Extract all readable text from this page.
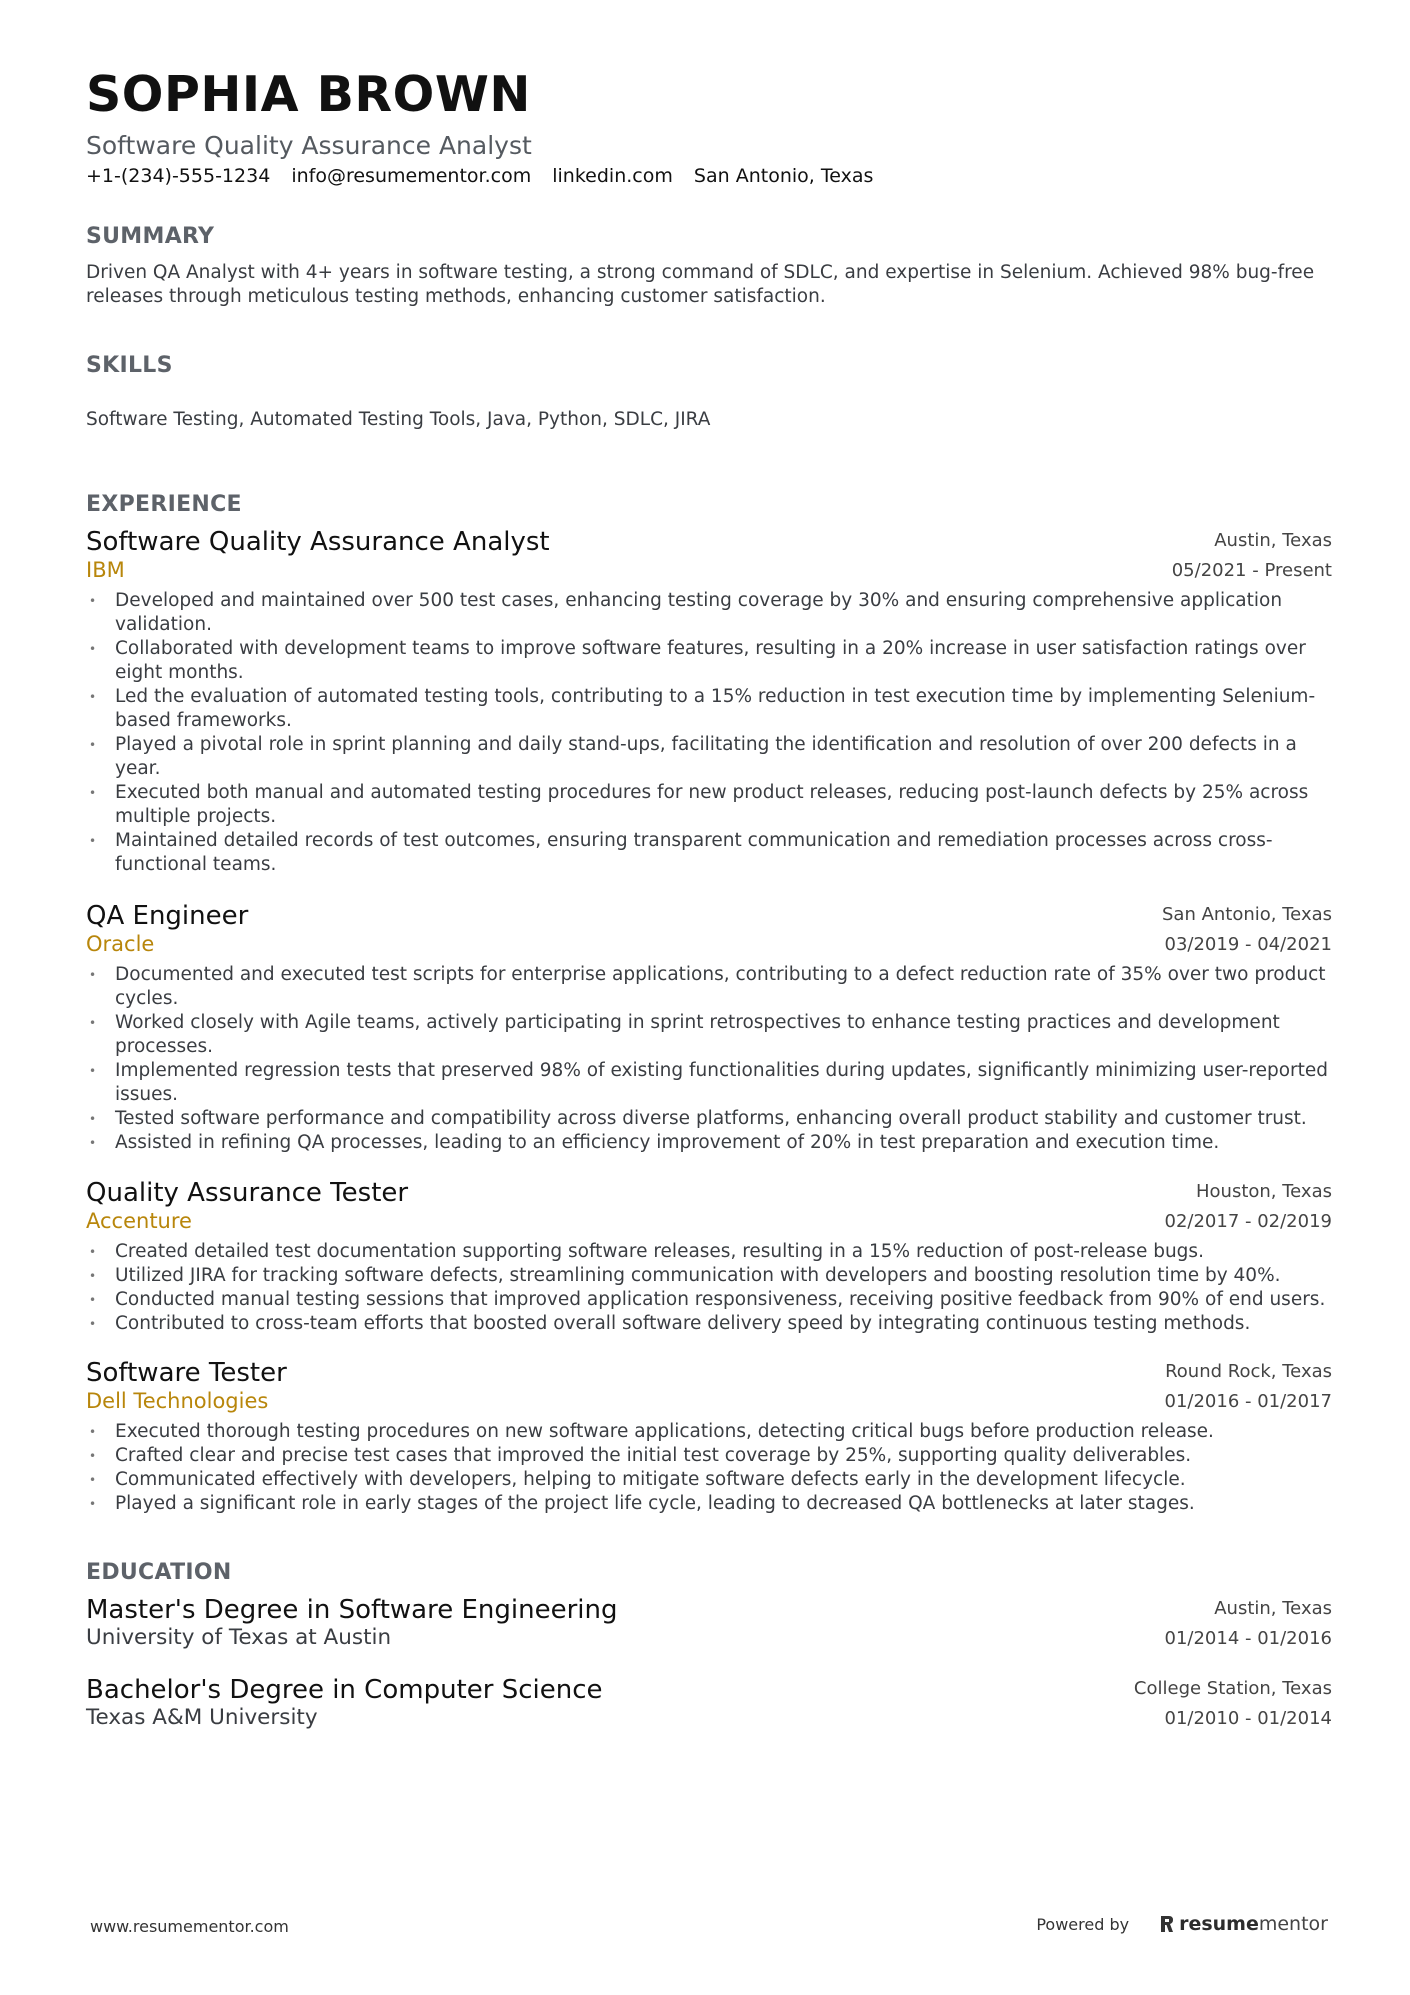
SOPHIA BROWN
Software Quality Assurance Analyst
+1-(234)-555-1234 info@resumementor.com linkedin.com San Antonio, Texas
SUMMARY
Driven QA Analyst with 4+ years in software testing, a strong command of SDLC, and expertise in Selenium. Achieved 98% bug-free releases through meticulous testing methods, enhancing customer satisfaction.
SKILLS
Software Testing, Automated Testing Tools, Java, Python, SDLC, JIRA
EXPERIENCE
Software Quality Assurance Analyst
IBM
Austin, Texas
05/2021 - Present
• Developed and maintained over 500 test cases, enhancing testing coverage by 30% and ensuring comprehensive application validation.
• Collaborated with development teams to improve software features, resulting in a 20% increase in user satisfaction ratings over eight months.
• Led the evaluation of automated testing tools, contributing to a 15% reduction in test execution time by implementing Selenium-based frameworks.
• Played a pivotal role in sprint planning and daily stand-ups, facilitating the identification and resolution of over 200 defects in a year.
• Executed both manual and automated testing procedures for new product releases, reducing post-launch defects by 25% across multiple projects.
• Maintained detailed records of test outcomes, ensuring transparent communication and remediation processes across cross-functional teams.
QA Engineer
Oracle
San Antonio, Texas
03/2019 - 04/2021
• Documented and executed test scripts for enterprise applications, contributing to a defect reduction rate of 35% over two product cycles.
• Worked closely with Agile teams, actively participating in sprint retrospectives to enhance testing practices and development processes.
• Implemented regression tests that preserved 98% of existing functionalities during updates, significantly minimizing user-reported issues.
• Tested software performance and compatibility across diverse platforms, enhancing overall product stability and customer trust.
• Assisted in refining QA processes, leading to an efficiency improvement of 20% in test preparation and execution time.
Quality Assurance Tester
Accenture
Houston, Texas
02/2017 - 02/2019
• Created detailed test documentation supporting software releases, resulting in a 15% reduction of post-release bugs.
• Utilized JIRA for tracking software defects, streamlining communication with developers and boosting resolution time by 40%.
• Conducted manual testing sessions that improved application responsiveness, receiving positive feedback from 90% of end users.
• Contributed to cross-team efforts that boosted overall software delivery speed by integrating continuous testing methods.
Software Tester
Dell Technologies
Round Rock, Texas
01/2016 - 01/2017
• Executed thorough testing procedures on new software applications, detecting critical bugs before production release.
• Crafted clear and precise test cases that improved the initial test coverage by 25%, supporting quality deliverables.
• Communicated effectively with developers, helping to mitigate software defects early in the development lifecycle.
• Played a significant role in early stages of the project life cycle, leading to decreased QA bottlenecks at later stages.
EDUCATION
Master's Degree in Software Engineering
University of Texas at Austin
Austin, Texas
01/2014 - 01/2016
Bachelor's Degree in Computer Science
Texas A&M University
College Station, Texas
01/2010 - 01/2014
www.resumementor.com	Powered by	resume mentor
